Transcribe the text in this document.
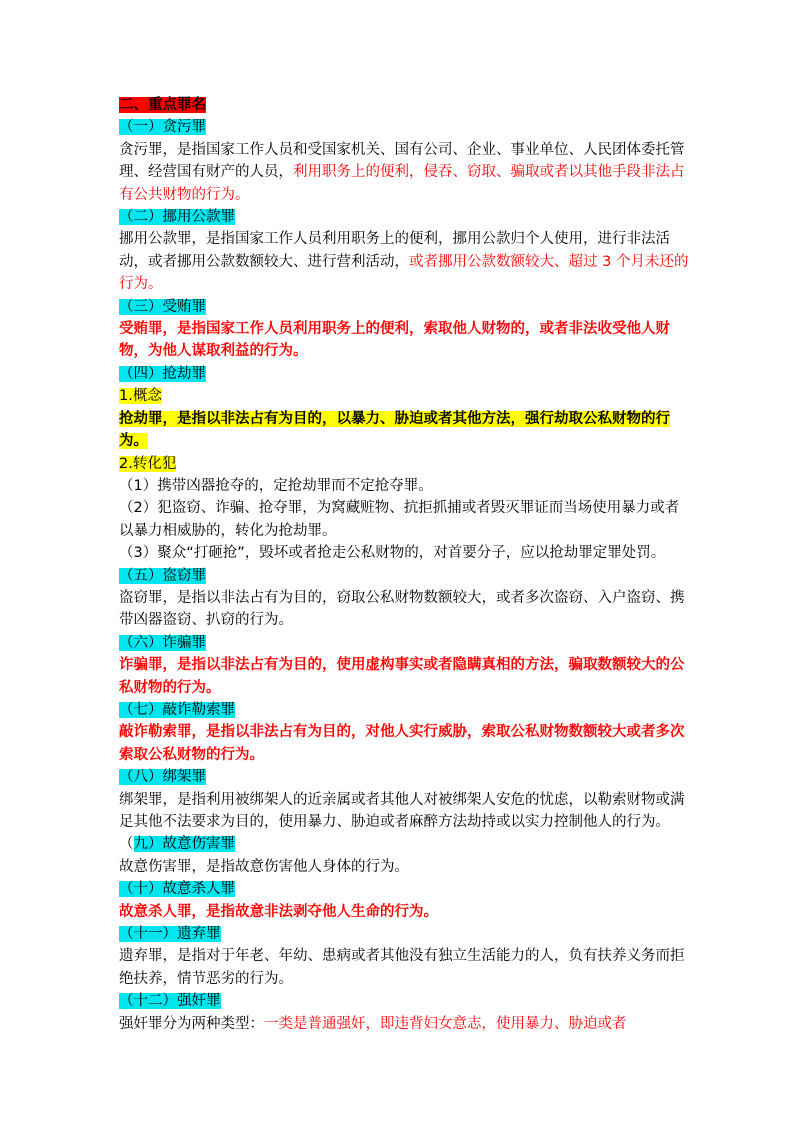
二、重点罪名
（一）贪污罪

贪污罪，是指国家工作人员和受国家机关、国有公司、企业、事业单位、人民团体委托管理、经营国有财产的人员，利用职务上的便利，侵吞、窃取、骗取或者以其他手段非法占有公共财物的行为。

（二）挪用公款罪

挪用公款罪，是指国家工作人员利用职务上的便利，挪用公款归个人使用，进行非法活动，或者挪用公款数额较大、进行营利活动，或者挪用公款数额较大、超过 3 个月未还的行为。

（三）受贿罪

受贿罪，是指国家工作人员利用职务上的便利，索取他人财物的，或者非法收受他人财物，为他人谋取利益的行为。

（四）抢劫罪
1.概念

抢劫罪，是指以非法占有为目的，以暴力、胁迫或者其他方法，强行劫取公私财物的行为。

2.转化犯

（1）携带凶器抢夺的，定抢劫罪而不定抢夺罪。

（2）犯盗窃、诈骗、抢夺罪，为窝藏赃物、抗拒抓捕或者毁灭罪证而当场使用暴力或者以暴力相威胁的，转化为抢劫罪。

（3）聚众“打砸抢”，毁坏或者抢走公私财物的，对首要分子，应以抢劫罪定罪处罚。

（五）盗窃罪

盗窃罪，是指以非法占有为目的，窃取公私财物数额较大，或者多次盗窃、入户盗窃、携带凶器盗窃、扒窃的行为。

（六）诈骗罪

诈骗罪，是指以非法占有为目的，使用虚构事实或者隐瞒真相的方法，骗取数额较大的公私财物的行为。

（七）敲诈勒索罪

敲诈勒索罪，是指以非法占有为目的，对他人实行威胁，索取公私财物数额较大或者多次索取公私财物的行为。

（八）绑架罪

绑架罪，是指利用被绑架人的近亲属或者其他人对被绑架人安危的忧虑，以勒索财物或满足其他不法要求为目的，使用暴力、胁迫或者麻醉方法劫持或以实力控制他人的行为。

（九）故意伤害罪

故意伤害罪，是指故意伤害他人身体的行为。

（十）故意杀人罪

故意杀人罪，是指故意非法剥夺他人生命的行为。

（十一）遗弃罪

遗弃罪，是指对于年老、年幼、患病或者其他没有独立生活能力的人，负有扶养义务而拒绝扶养，情节恶劣的行为。

（十二）强奸罪

强奸罪分为两种类型：一类是普通强奸，即违背妇女意志，使用暴力、胁迫或者
